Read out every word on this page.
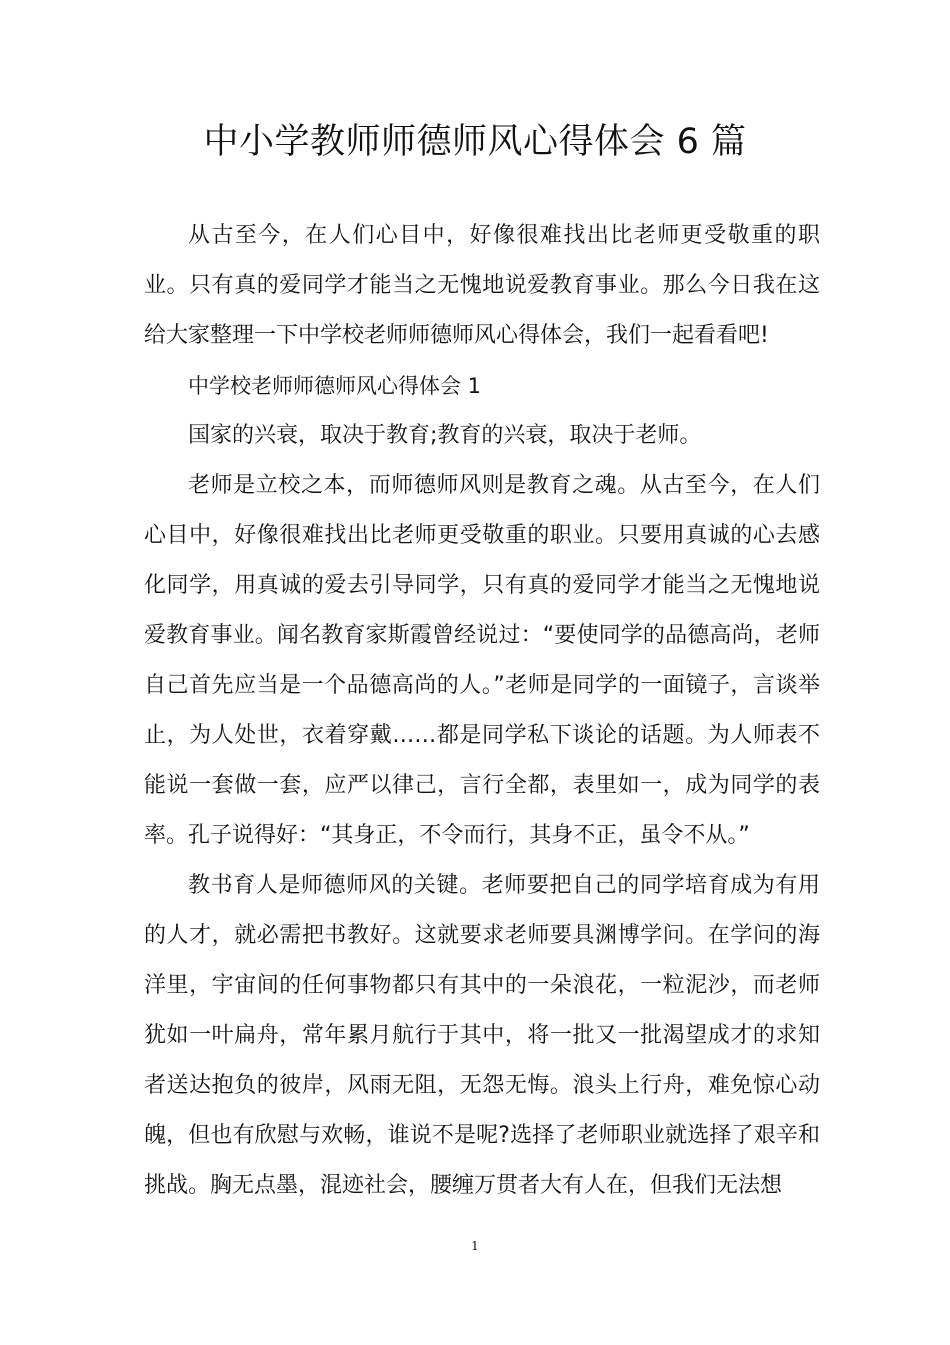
中小学教师师德师风心得体会 6 篇

从古至今，在人们心目中，好像很难找出比老师更受敬重的职业。只有真的爱同学才能当之无愧地说爱教育事业。那么今日我在这给大家整理一下中学校老师师德师风心得体会，我们一起看看吧!

中学校老师师德师风心得体会 1

国家的兴衰，取决于教育;教育的兴衰，取决于老师。

老师是立校之本，而师德师风则是教育之魂。从古至今，在人们心目中，好像很难找出比老师更受敬重的职业。只要用真诚的心去感化同学，用真诚的爱去引导同学，只有真的爱同学才能当之无愧地说爱教育事业。闻名教育家斯霞曾经说过：“要使同学的品德高尚，老师自己首先应当是一个品德高尚的人。”老师是同学的一面镜子，言谈举止，为人处世，衣着穿戴……都是同学私下谈论的话题。为人师表不能说一套做一套，应严以律己，言行全都，表里如一，成为同学的表率。孔子说得好：“其身正，不令而行，其身不正，虽令不从。”

教书育人是师德师风的关键。老师要把自己的同学培育成为有用的人才，就必需把书教好。这就要求老师要具渊博学问。在学问的海洋里，宇宙间的任何事物都只有其中的一朵浪花，一粒泥沙，而老师犹如一叶扁舟，常年累月航行于其中，将一批又一批渴望成才的求知者送达抱负的彼岸，风雨无阻，无怨无悔。浪头上行舟，难免惊心动魄，但也有欣慰与欢畅，谁说不是呢?选择了老师职业就选择了艰辛和挑战。胸无点墨，混迹社会，腰缠万贯者大有人在，但我们无法想

1
